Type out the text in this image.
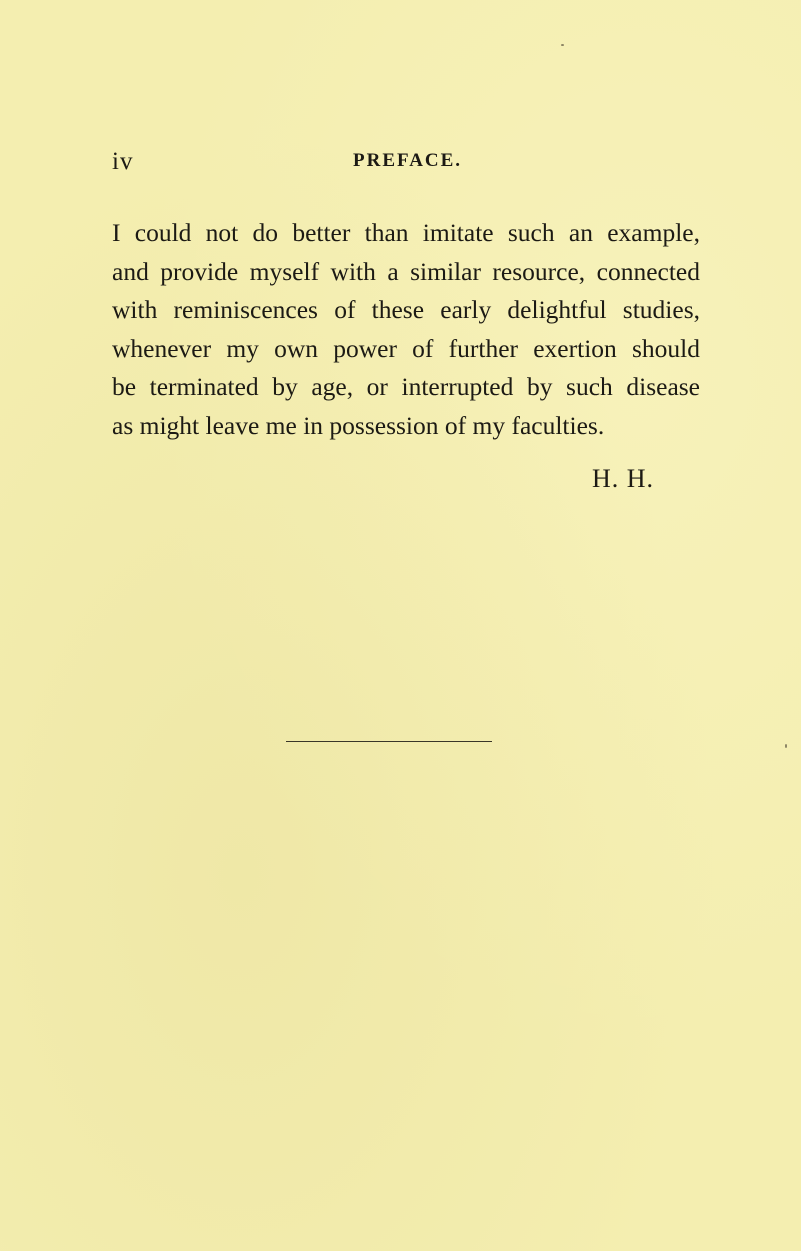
iv	PREFACE.

I could not do better than imitate such an example,
and provide myself with a similar resource, connected
with reminiscences of these early delightful studies,
whenever my own power of further exertion should
be terminated by age, or interrupted by such disease
as might leave me in possession of my faculties.

H. H.
